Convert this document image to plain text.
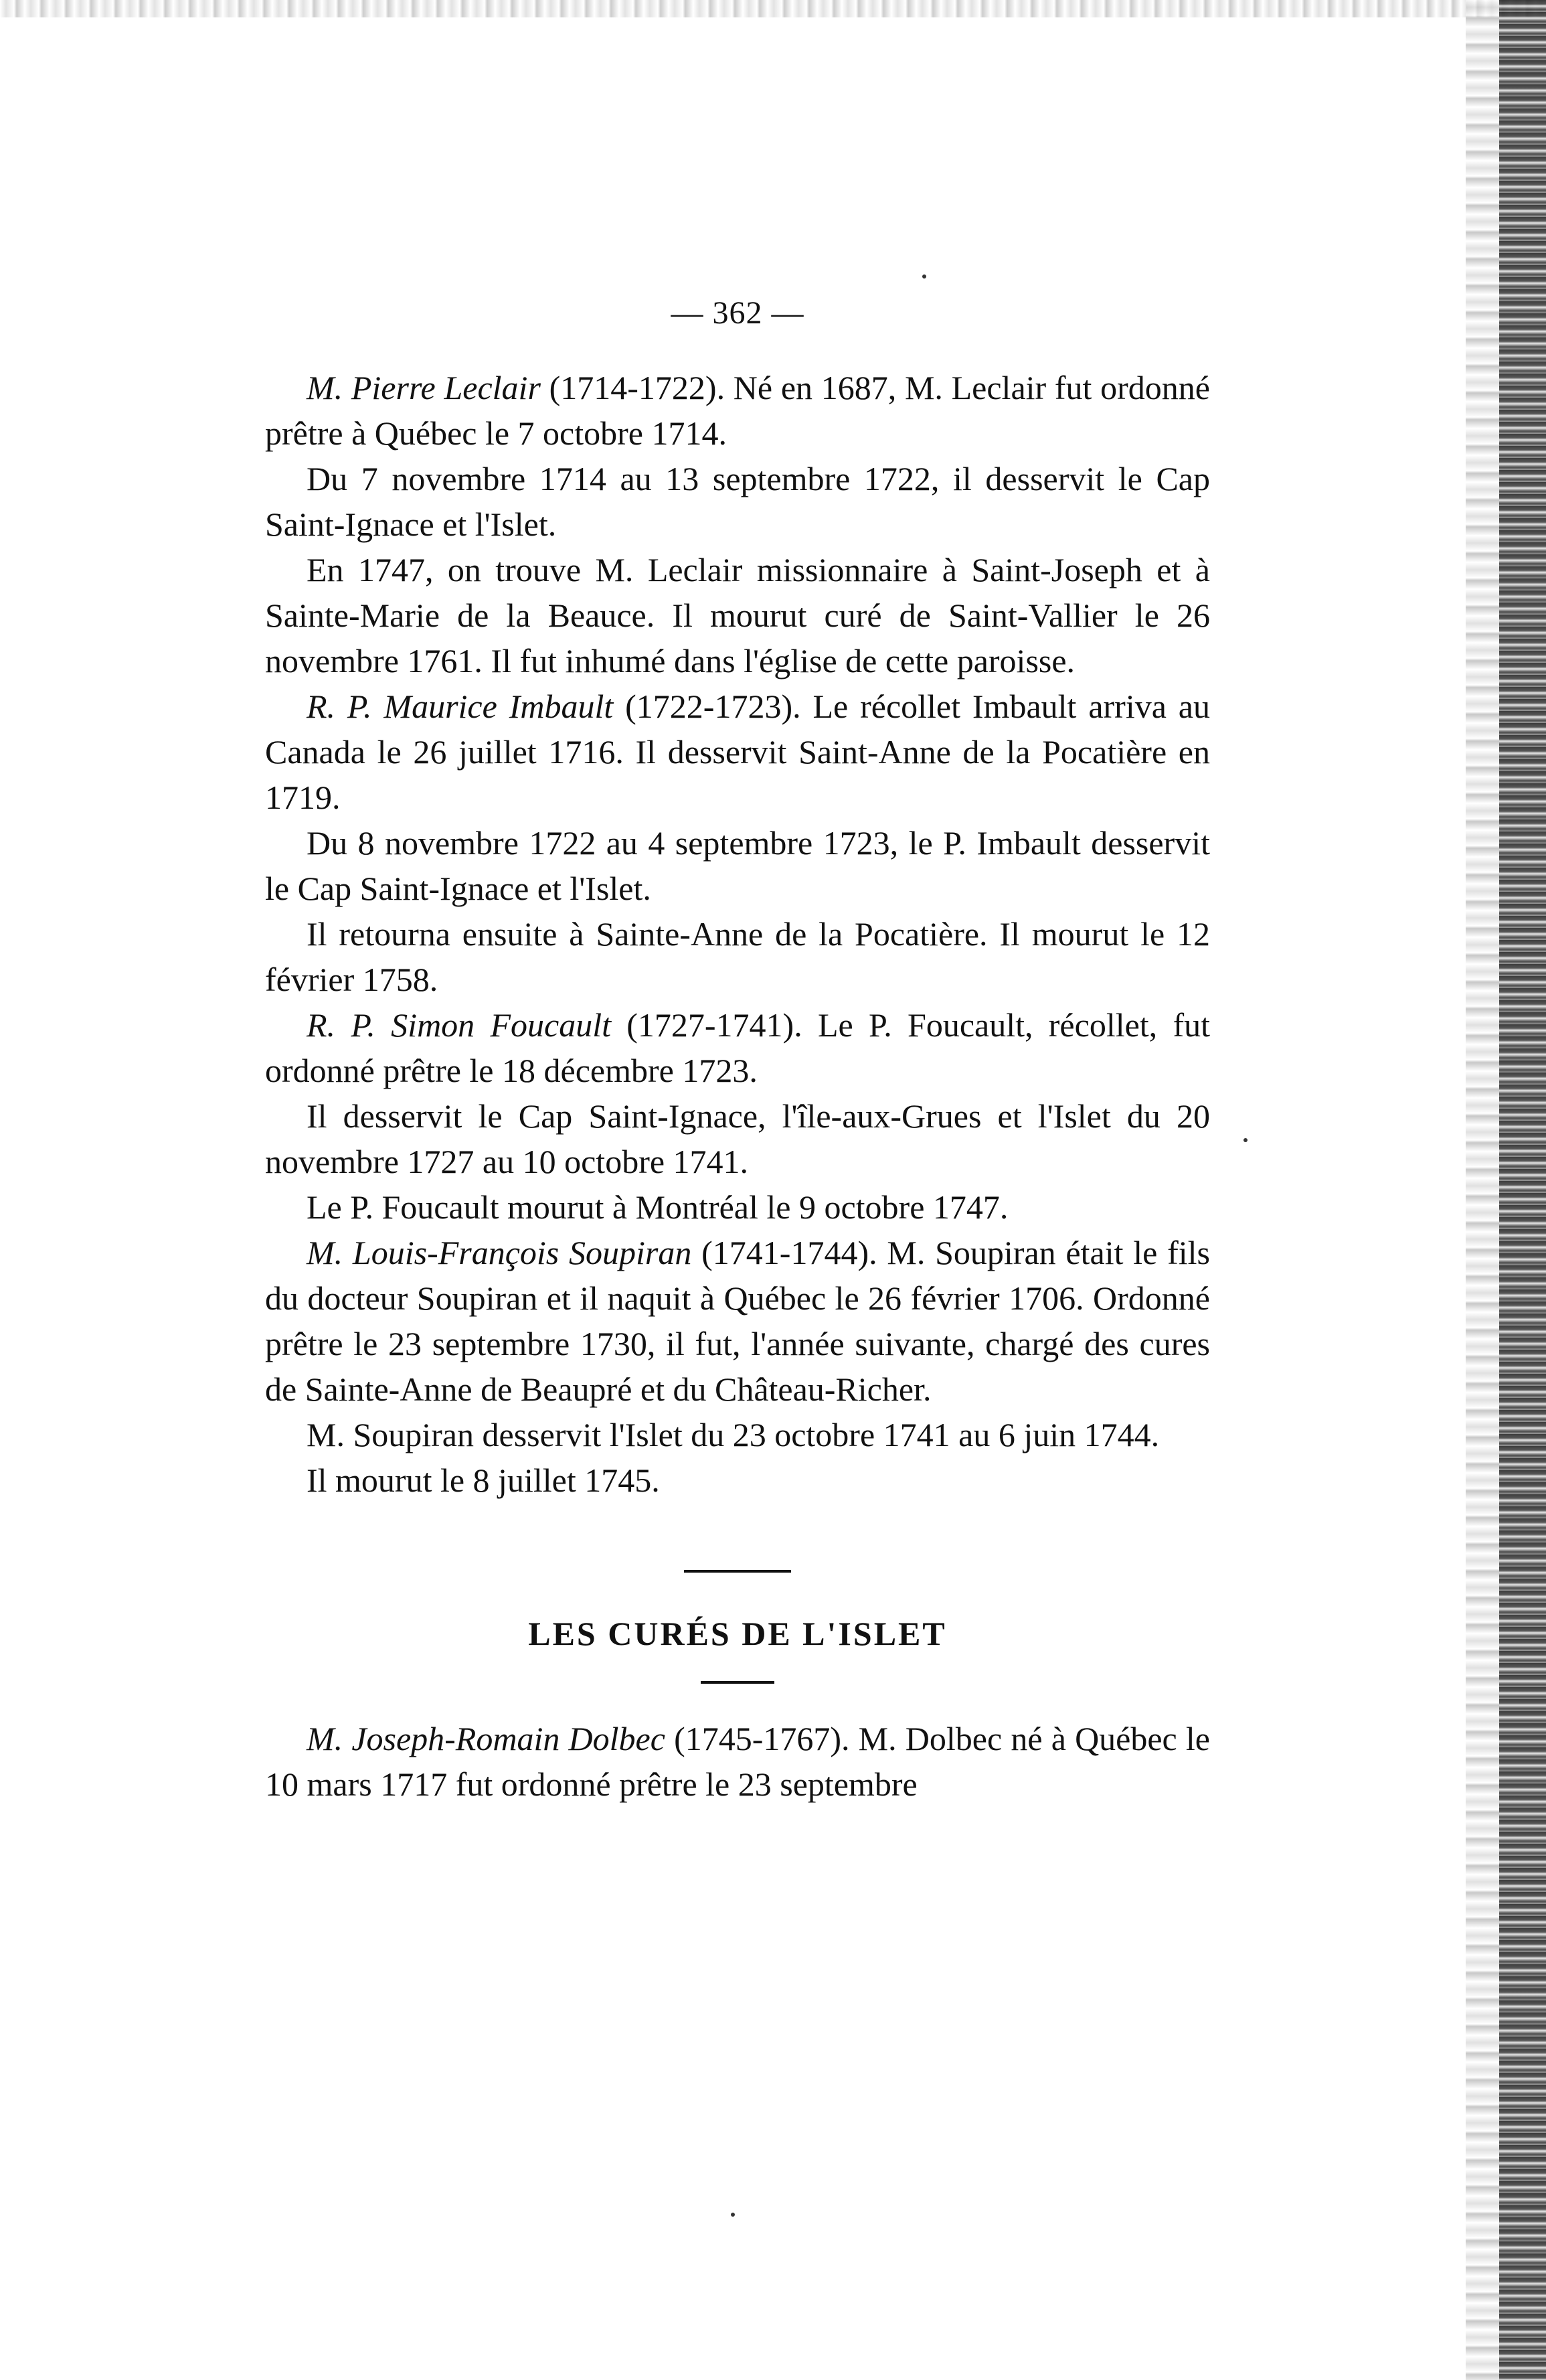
— 362 —

M. Pierre Leclair (1714-1722). Né en 1687, M. Leclair fut ordonné prêtre à Québec le 7 octobre 1714.

Du 7 novembre 1714 au 13 septembre 1722, il desservit le Cap Saint-Ignace et l'Islet.

En 1747, on trouve M. Leclair missionnaire à Saint-Joseph et à Sainte-Marie de la Beauce. Il mourut curé de Saint-Vallier le 26 novembre 1761. Il fut inhumé dans l'église de cette paroisse.

R. P. Maurice Imbault (1722-1723). Le récollet Imbault arriva au Canada le 26 juillet 1716. Il desservit Saint-Anne de la Pocatière en 1719.

Du 8 novembre 1722 au 4 septembre 1723, le P. Imbault desservit le Cap Saint-Ignace et l'Islet.

Il retourna ensuite à Sainte-Anne de la Pocatière. Il mourut le 12 février 1758.

R. P. Simon Foucault (1727-1741). Le P. Foucault, récollet, fut ordonné prêtre le 18 décembre 1723.

Il desservit le Cap Saint-Ignace, l'île-aux-Grues et l'Islet du 20 novembre 1727 au 10 octobre 1741.

Le P. Foucault mourut à Montréal le 9 octobre 1747.

M. Louis-François Soupiran (1741-1744). M. Soupiran était le fils du docteur Soupiran et il naquit à Québec le 26 février 1706. Ordonné prêtre le 23 septembre 1730, il fut, l'année suivante, chargé des cures de Sainte-Anne de Beaupré et du Château-Richer.

M. Soupiran desservit l'Islet du 23 octobre 1741 au 6 juin 1744.

Il mourut le 8 juillet 1745.

LES CURÉS DE L'ISLET

M. Joseph-Romain Dolbec (1745-1767). M. Dolbec né à Québec le 10 mars 1717 fut ordonné prêtre le 23 septembre
